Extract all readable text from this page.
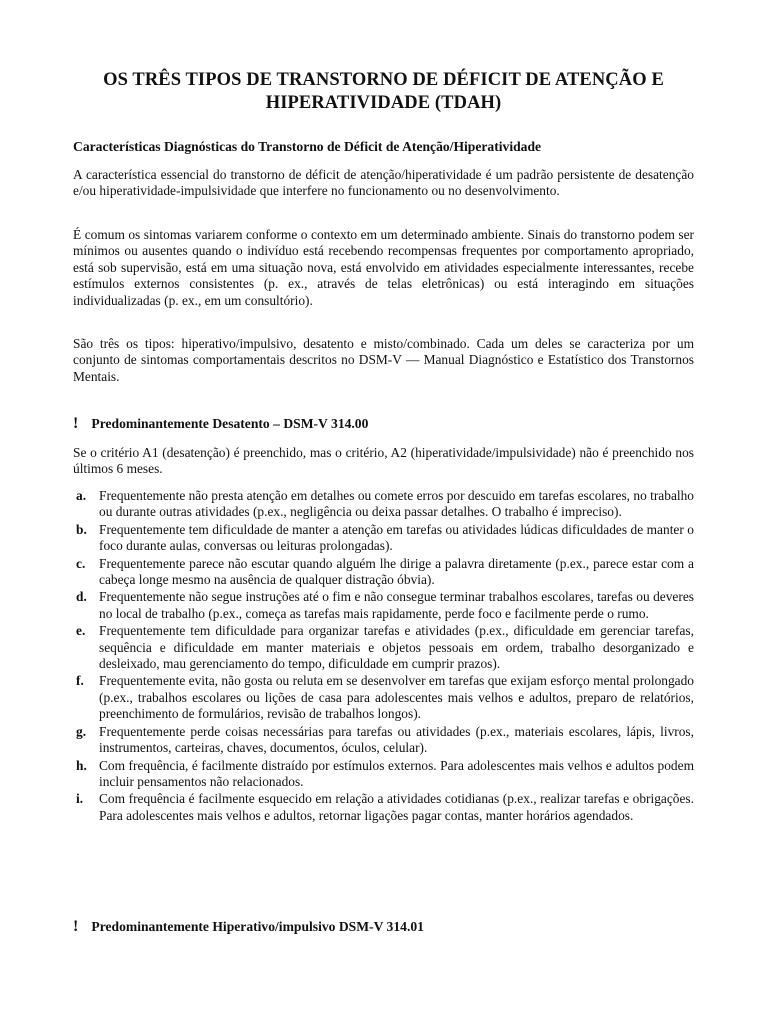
OS TRÊS TIPOS DE TRANSTORNO DE DÉFICIT DE ATENÇÃO E HIPERATIVIDADE (TDAH)
Características Diagnósticas do Transtorno de Déficit de Atenção/Hiperatividade

A característica essencial do transtorno de déficit de atenção/hiperatividade é um padrão persistente de desatenção e/ou hiperatividade-impulsividade que interfere no funcionamento ou no desenvolvimento.

É comum os sintomas variarem conforme o contexto em um determinado ambiente. Sinais do transtorno podem ser mínimos ou ausentes quando o indivíduo está recebendo recompensas frequentes por comportamento apropriado, está sob supervisão, está em uma situação nova, está envolvido em atividades especialmente interessantes, recebe estímulos externos consistentes (p. ex., através de telas eletrônicas) ou está interagindo em situações individualizadas (p. ex., em um consultório).

São três os tipos: hiperativo/impulsivo, desatento e misto/combinado. Cada um deles se caracteriza por um conjunto de sintomas comportamentais descritos no DSM-V — Manual Diagnóstico e Estatístico dos Transtornos Mentais.

! Predominantemente Desatento – DSM-V 314.00

Se o critério A1 (desatenção) é preenchido, mas o critério, A2 (hiperatividade/impulsividade) não é preenchido nos últimos 6 meses.

a. Frequentemente não presta atenção em detalhes ou comete erros por descuido em tarefas escolares, no trabalho ou durante outras atividades (p.ex., negligência ou deixa passar detalhes. O trabalho é impreciso).
b. Frequentemente tem dificuldade de manter a atenção em tarefas ou atividades lúdicas dificuldades de manter o foco durante aulas, conversas ou leituras prolongadas).
c. Frequentemente parece não escutar quando alguém lhe dirige a palavra diretamente (p.ex., parece estar com a cabeça longe mesmo na ausência de qualquer distração óbvia).
d. Frequentemente não segue instruções até o fim e não consegue terminar trabalhos escolares, tarefas ou deveres no local de trabalho (p.ex., começa as tarefas mais rapidamente, perde foco e facilmente perde o rumo.
e. Frequentemente tem dificuldade para organizar tarefas e atividades (p.ex., dificuldade em gerenciar tarefas, sequência e dificuldade em manter materiais e objetos pessoais em ordem, trabalho desorganizado e desleixado, mau gerenciamento do tempo, dificuldade em cumprir prazos).
f. Frequentemente evita, não gosta ou reluta em se desenvolver em tarefas que exijam esforço mental prolongado (p.ex., trabalhos escolares ou lições de casa para adolescentes mais velhos e adultos, preparo de relatórios, preenchimento de formulários, revisão de trabalhos longos).
g. Frequentemente perde coisas necessárias para tarefas ou atividades (p.ex., materiais escolares, lápis, livros, instrumentos, carteiras, chaves, documentos, óculos, celular).
h. Com frequência, é facilmente distraído por estímulos externos. Para adolescentes mais velhos e adultos podem incluir pensamentos não relacionados.
i. Com frequência é facilmente esquecido em relação a atividades cotidianas (p.ex., realizar tarefas e obrigações. Para adolescentes mais velhos e adultos, retornar ligações pagar contas, manter horários agendados.
! Predominantemente Hiperativo/impulsivo DSM-V 314.01
